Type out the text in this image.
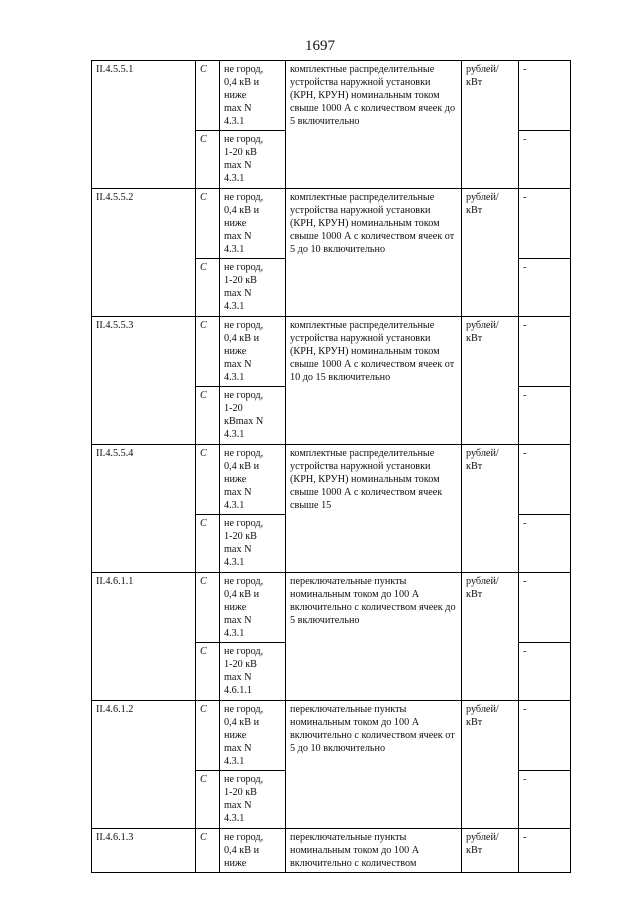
1697
II.4.5.5.1	С	не город,
0,4 кВ и
ниже
max N
4.3.1	комплектные распределительные устройства наружной установки (КРН, КРУН) номинальным током свыше 1000 А с количеством ячеек до 5 включительно	рублей/
кВт	-
	С	не город,
1-20 кВ
max N
4.3.1			-
II.4.5.5.2	С	не город,
0,4 кВ и
ниже
max N
4.3.1	комплектные распределительные устройства наружной установки (КРН, КРУН) номинальным током свыше 1000 А с количеством ячеек от 5 до 10 включительно	рублей/
кВт	-
	С	не город,
1-20 кВ
max N
4.3.1			-
II.4.5.5.3	С	не город,
0,4 кВ и
ниже
max N
4.3.1	комплектные распределительные устройства наружной установки (КРН, КРУН) номинальным током свыше 1000 А с количеством ячеек от 10 до 15 включительно	рублей/
кВт	-
	С	не город,
1-20
кВmax N
4.3.1			-
II.4.5.5.4	С	не город,
0,4 кВ и
ниже
max N
4.3.1	комплектные распределительные устройства наружной установки (КРН, КРУН) номинальным током свыше 1000 А с количеством ячеек свыше 15	рублей/
кВт	-
	С	не город,
1-20 кВ
max N
4.3.1			-
II.4.6.1.1	С	не город,
0,4 кВ и
ниже
max N
4.3.1	переключательные пункты номинальным током до 100 А включительно с количеством ячеек до 5 включительно	рублей/
кВт	-
	С	не город,
1-20 кВ
max N
4.6.1.1			-
II.4.6.1.2	С	не город,
0,4 кВ и
ниже
max N
4.3.1	переключательные пункты номинальным током до 100 А включительно с количеством ячеек от 5 до 10 включительно	рублей/
кВт	-
	С	не город,
1-20 кВ
max N
4.3.1			-
II.4.6.1.3	С	не город,
0,4 кВ и
ниже	переключательные пункты номинальным током до 100 А включительно с количеством	рублей/
кВт	-
